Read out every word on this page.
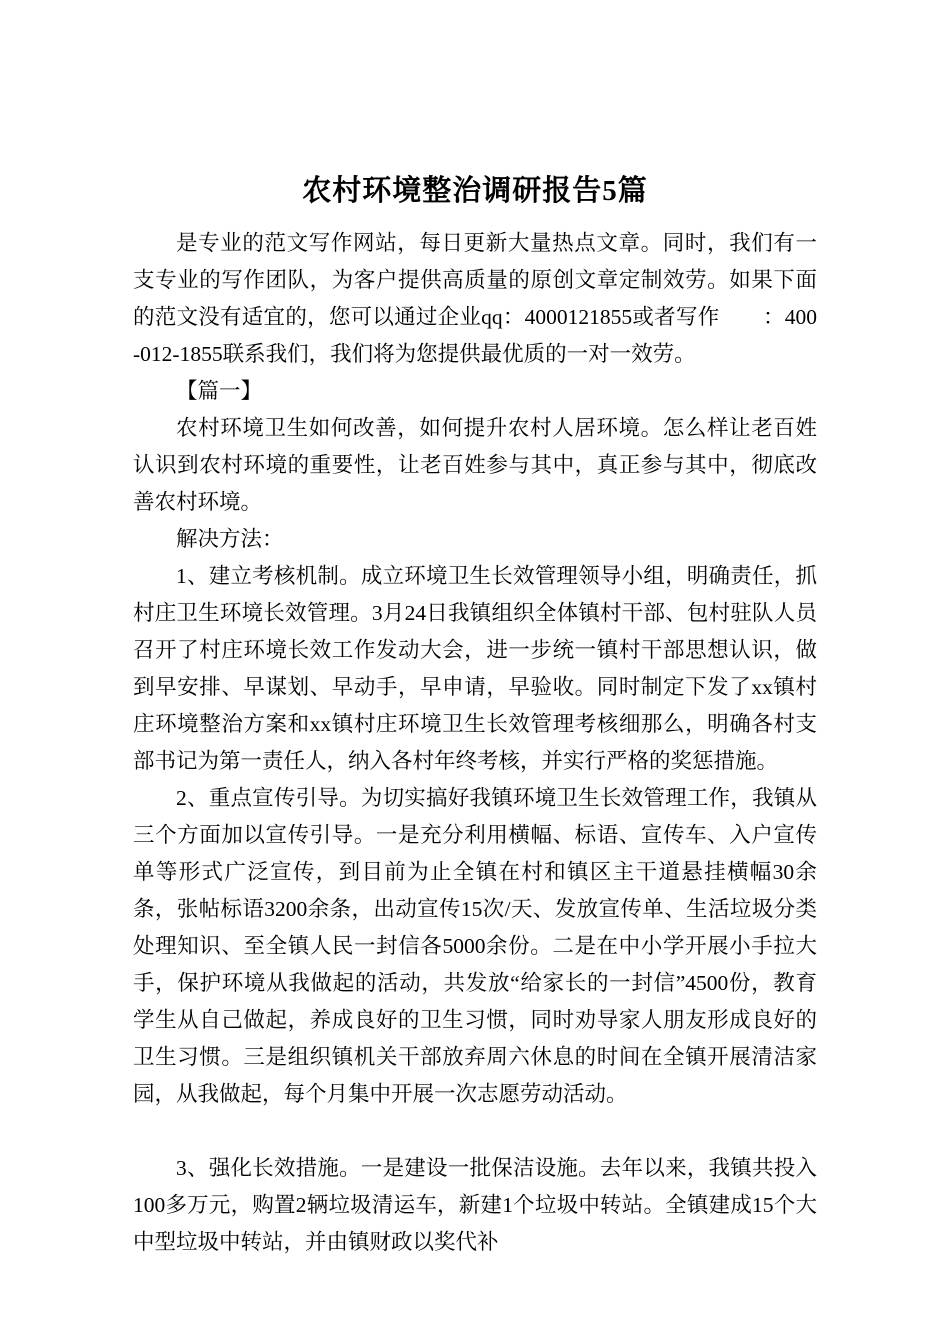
农村环境整治调研报告5篇

是专业的范文写作网站，每日更新大量热点文章。同时，我们有一支专业的写作团队，为客户提供高质量的原创文章定制效劳。如果下面的范文没有适宜的，您可以通过企业qq：4000121855或者写作　　：400-012-1855联系我们，我们将为您提供最优质的一对一效劳。

【篇一】

农村环境卫生如何改善，如何提升农村人居环境。怎么样让老百姓认识到农村环境的重要性，让老百姓参与其中，真正参与其中，彻底改善农村环境。

解决方法：

1、建立考核机制。成立环境卫生长效管理领导小组，明确责任，抓村庄卫生环境长效管理。3月24日我镇组织全体镇村干部、包村驻队人员召开了村庄环境长效工作发动大会，进一步统一镇村干部思想认识，做到早安排、早谋划、早动手，早申请，早验收。同时制定下发了xx镇村庄环境整治方案和xx镇村庄环境卫生长效管理考核细那么，明确各村支部书记为第一责任人，纳入各村年终考核，并实行严格的奖惩措施。

2、重点宣传引导。为切实搞好我镇环境卫生长效管理工作，我镇从三个方面加以宣传引导。一是充分利用横幅、标语、宣传车、入户宣传单等形式广泛宣传，到目前为止全镇在村和镇区主干道悬挂横幅30余条，张帖标语3200余条，出动宣传15次/天、发放宣传单、生活垃圾分类处理知识、至全镇人民一封信各5000余份。二是在中小学开展小手拉大手，保护环境从我做起的活动，共发放“给家长的一封信”4500份，教育学生从自己做起，养成良好的卫生习惯，同时劝导家人朋友形成良好的卫生习惯。三是组织镇机关干部放弃周六休息的时间在全镇开展清洁家园，从我做起，每个月集中开展一次志愿劳动活动。

3、强化长效措施。一是建设一批保洁设施。去年以来，我镇共投入100多万元，购置2辆垃圾清运车，新建1个垃圾中转站。全镇建成15个大中型垃圾中转站，并由镇财政以奖代补
